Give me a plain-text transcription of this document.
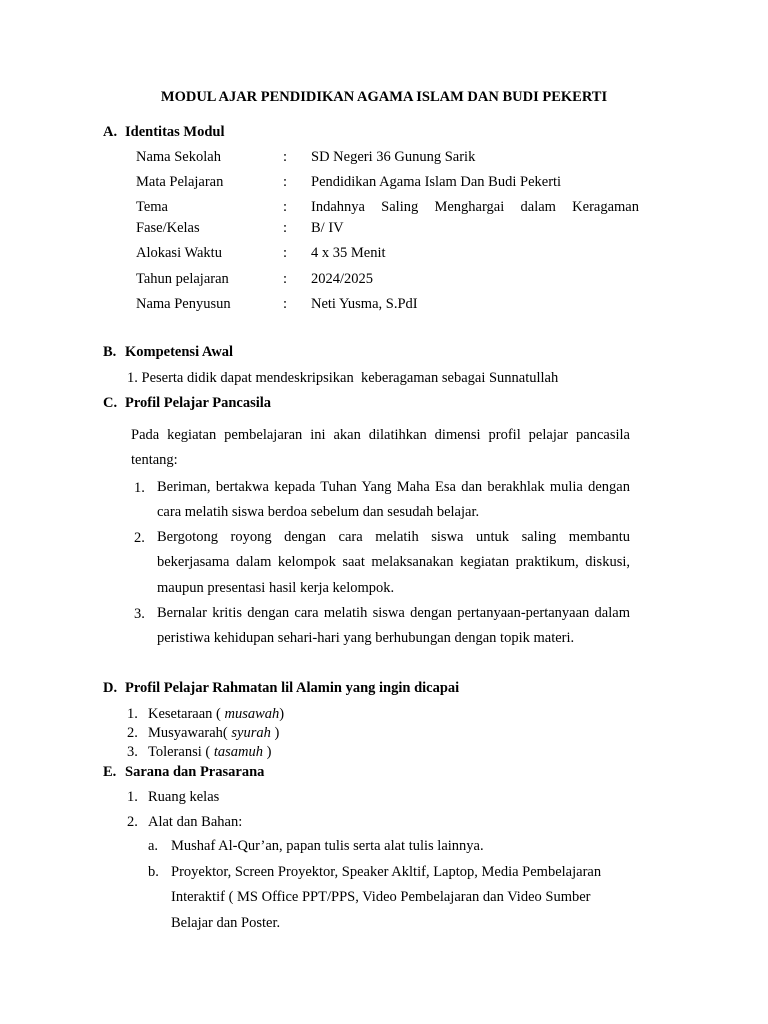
MODUL AJAR PENDIDIKAN AGAMA ISLAM DAN BUDI PEKERTI
A. Identitas Modul
Nama Sekolah	: SD Negeri 36 Gunung Sarik
Mata Pelajaran	: Pendidikan Agama Islam Dan Budi Pekerti
Tema	: Indahnya Saling Menghargai dalam Keragaman
Fase/Kelas	: B/ IV
Alokasi Waktu	: 4 x 35 Menit
Tahun pelajaran	: 2024/2025
Nama Penyusun	: Neti Yusma, S.PdI
B. Kompetensi Awal
1. Peserta didik dapat mendeskripsikan  keberagaman sebagai Sunnatullah
C. Profil Pelajar Pancasila
Pada kegiatan pembelajaran ini akan dilatihkan dimensi profil pelajar pancasila tentang:
1. Beriman, bertakwa kepada Tuhan Yang Maha Esa dan berakhlak mulia dengan cara melatih siswa berdoa sebelum dan sesudah belajar.
2. Bergotong royong dengan cara melatih siswa untuk saling membantu bekerjasama dalam kelompok saat melaksanakan kegiatan praktikum, diskusi, maupun presentasi hasil kerja kelompok.
3. Bernalar kritis dengan cara melatih siswa dengan pertanyaan-pertanyaan dalam peristiwa kehidupan sehari-hari yang berhubungan dengan topik materi.
D. Profil Pelajar Rahmatan lil Alamin yang ingin dicapai
1. Kesetaraan ( musawah)
2. Musyawarah( syurah )
3. Toleransi ( tasamuh )
E. Sarana dan Prasarana
1. Ruang kelas
2. Alat dan Bahan:
a. Mushaf Al-Qur’an, papan tulis serta alat tulis lainnya.
b. Proyektor, Screen Proyektor, Speaker Akltif, Laptop, Media Pembelajaran
Interaktif ( MS Office PPT/PPS, Video Pembelajaran dan Video Sumber
Belajar dan Poster.
